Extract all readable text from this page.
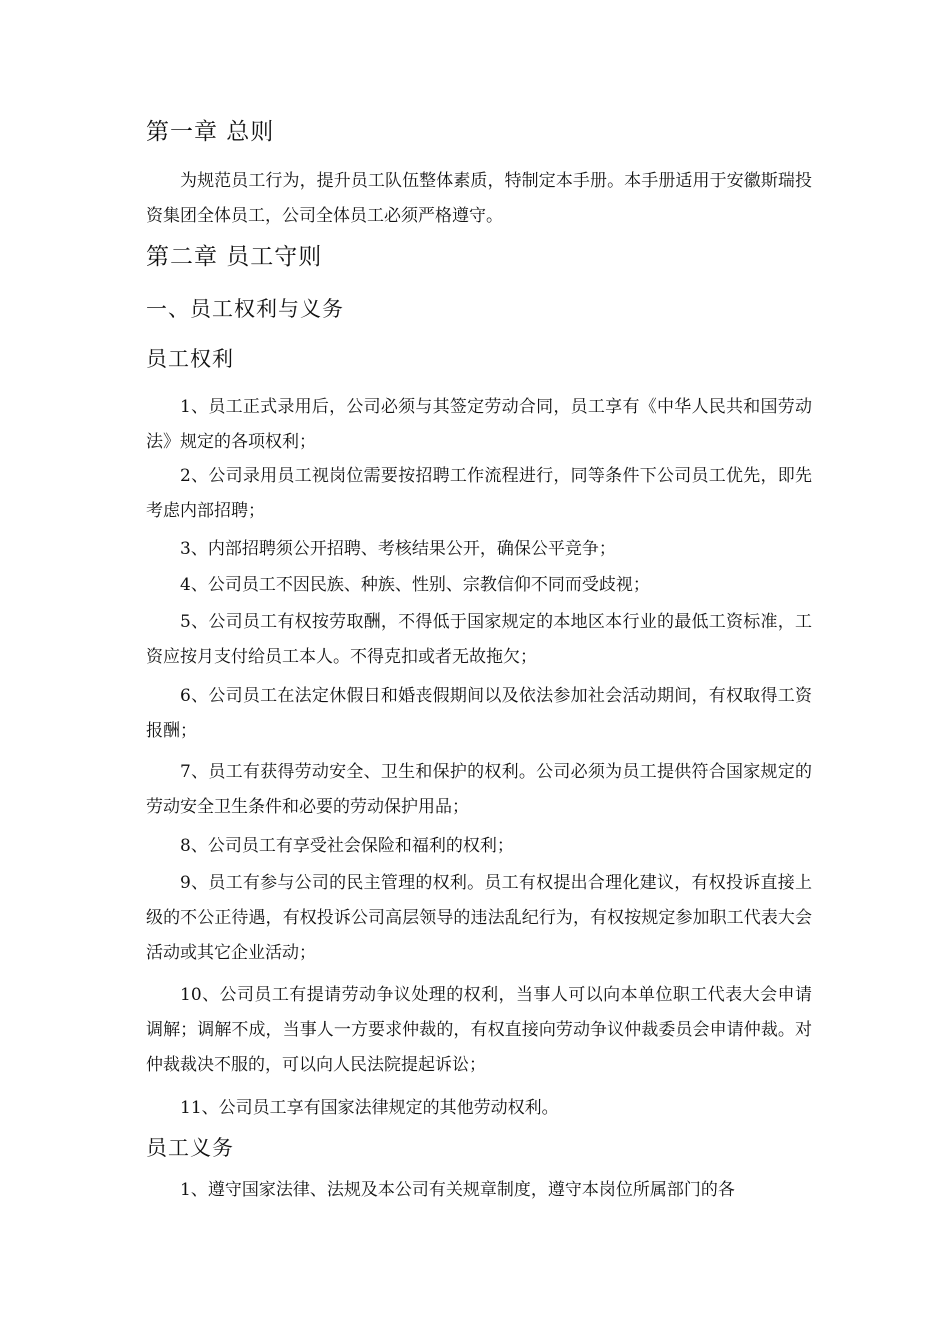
第一章 总则
为规范员工行为，提升员工队伍整体素质，特制定本手册。本手册适用于安徽斯瑞投资集团全体员工，公司全体员工必须严格遵守。
第二章 员工守则
一、员工权利与义务
员工权利
1、员工正式录用后，公司必须与其签定劳动合同，员工享有《中华人民共和国劳动法》规定的各项权利；
2、公司录用员工视岗位需要按招聘工作流程进行，同等条件下公司员工优先，即先考虑内部招聘；
3、内部招聘须公开招聘、考核结果公开，确保公平竞争；
4、公司员工不因民族、种族、性别、宗教信仰不同而受歧视；
5、公司员工有权按劳取酬，不得低于国家规定的本地区本行业的最低工资标准，工资应按月支付给员工本人。不得克扣或者无故拖欠；
6、公司员工在法定休假日和婚丧假期间以及依法参加社会活动期间，有权取得工资报酬；
7、员工有获得劳动安全、卫生和保护的权利。公司必须为员工提供符合国家规定的劳动安全卫生条件和必要的劳动保护用品；
8、公司员工有享受社会保险和福利的权利；
9、员工有参与公司的民主管理的权利。员工有权提出合理化建议，有权投诉直接上级的不公正待遇，有权投诉公司高层领导的违法乱纪行为，有权按规定参加职工代表大会活动或其它企业活动；
10、公司员工有提请劳动争议处理的权利，当事人可以向本单位职工代表大会申请调解；调解不成，当事人一方要求仲裁的，有权直接向劳动争议仲裁委员会申请仲裁。对仲裁裁决不服的，可以向人民法院提起诉讼；
11、公司员工享有国家法律规定的其他劳动权利。
员工义务
1、遵守国家法律、法规及本公司有关规章制度，遵守本岗位所属部门的各
